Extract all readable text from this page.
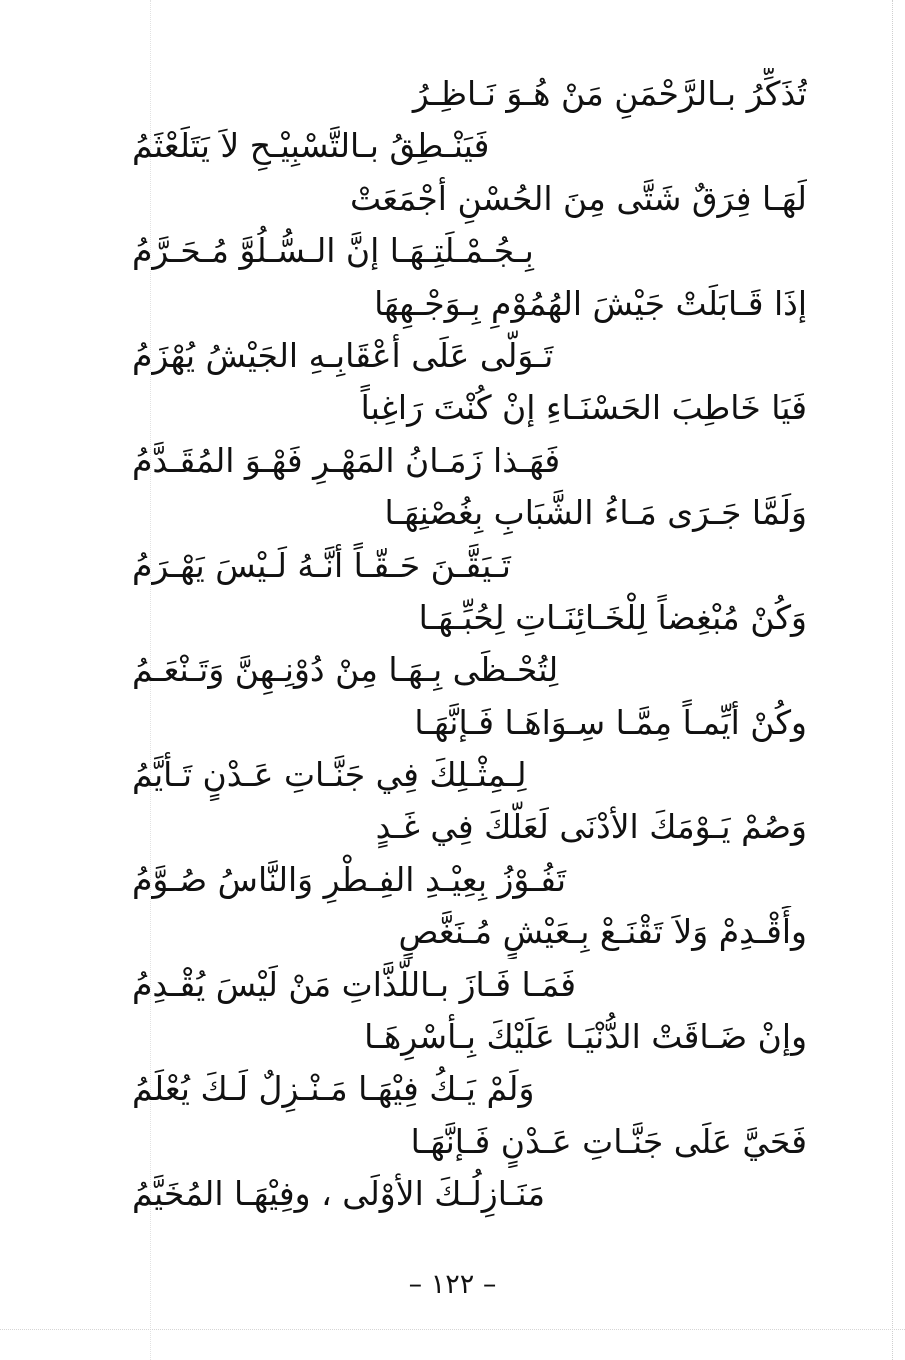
تُذَكِّرُ بـالرَّحْمَنِ مَنْ هُـوَ نَـاظِـرُ
فَيَنْـطِقُ بـالتَّسْبِيْـحِ لاَ يَتَلَعْثَمُ
لَهَـا فِرَقٌ شَتَّى مِنَ الحُسْنِ أجْمَعَتْ
بِـجُـمْـلَتِـهَـا إنَّ الـسُّـلُوَّ مُـحَـرَّمُ
إذَا قَـابَلَتْ جَيْشَ الهُمُوْمِ بِـوَجْـهِهَا
تَـوَلَّى عَلَى أعْقَابِـهِ الجَيْشُ يُهْزَمُ
فَيَا خَاطِبَ الحَسْنَـاءِ إنْ كُنْتَ رَاغِباً
فَهَـذا زَمَـانُ المَهْـرِ فَهْـوَ المُقَـدَّمُ
وَلَمَّا جَـرَى مَـاءُ الشَّبَابِ بِغُصْنِهَـا
تَـيَقَّـنَ حَـقّـاً أنَّـهُ لَـيْسَ يَهْـرَمُ
وَكُنْ مُبْغِضاً لِلْخَـائِنَـاتِ لِحُبِّـهَـا
لِتُحْـظَى بِـهَـا مِنْ دُوْنِـهِنَّ وَتَـنْعَـمُ
وكُنْ أيِّمـاً مِمَّـا سِـوَاهَـا فَـإنَّهَـا
لِـمِثْـلِكَ فِي جَنَّـاتِ عَـدْنٍ تَـأيَّمُ
وَصُمْ يَـوْمَكَ الأدْنَى لَعَلَّكَ فِي غَـدٍ
تَفُـوْزُ بِعِيْـدِ الفِـطْرِ وَالنَّاسُ صُـوَّمُ
وأَقْـدِمْ وَلاَ تَقْنَـعْ بِـعَيْشٍ مُـنَغَّصٍ
فَمَـا فَـازَ بـاللَّذَّاتِ مَنْ لَيْسَ يُقْـدِمُ
وإنْ ضَـاقَتْ الدُّنْيَـا عَلَيْكَ بِـأسْرِهَـا
وَلَمْ يَـكُ فِيْهَـا مَـنْـزِلٌ لَـكَ يُعْلَمُ
فَحَيَّ عَلَى جَنَّـاتِ عَـدْنٍ فَـإنَّهَـا
مَنَـازِلُـكَ الأوْلَى ، وفِيْهَـا المُخَيَّمُ
– ١٢٢ –
